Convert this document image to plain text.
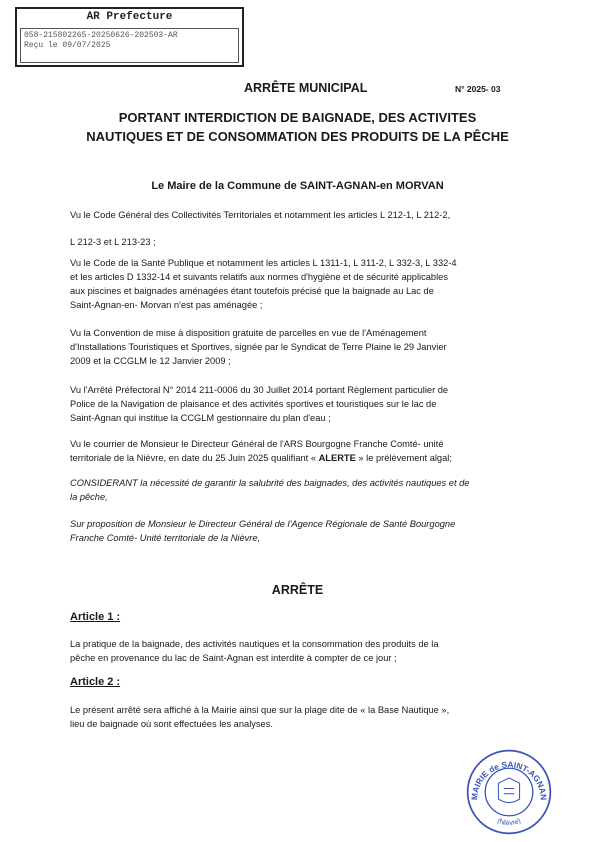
AR Prefecture
058-215802265-20250626-202503-AR
Reçu le 09/07/2025
ARRÊTE MUNICIPAL	N° 2025- 03
PORTANT INTERDICTION DE BAIGNADE, DES ACTIVITES
NAUTIQUES ET DE CONSOMMATION DES PRODUITS DE LA PÊCHE
Le Maire de la Commune de SAINT-AGNAN-en MORVAN
Vu le Code Général des Collectivités Territoriales et notamment les articles L 212-1, L 212-2,
L 212-3 et L 213-23 ;
Vu le Code de la Santé Publique et notamment les articles L 1311-1, L 311-2, L 332-3, L 332-4
et les articles D 1332-14 et suivants relatifs aux normes d'hygiène et de sécurité applicables
aux piscines et baignades aménagées étant toutefois précisé que la baignade au Lac de
Saint-Agnan-en- Morvan n'est pas aménagée ;
Vu la Convention de mise à disposition gratuite de parcelles en vue de l'Aménagement
d'Installations Touristiques et Sportives, signée par le Syndicat de Terre Plaine le 29 Janvier
2009 et la CCGLM le 12 Janvier 2009 ;
Vu l'Arrêté Préfectoral N° 2014 211-0006 du 30 Juillet 2014 portant Règlement particulier de
Police de la Navigation de plaisance et des activités sportives et touristiques sur le lac de
Saint-Agnan qui institue la CCGLM gestionnaire du plan d'eau ;
Vu le courrier de Monsieur le Directeur Général de l'ARS Bourgogne Franche Comté- unité
territoriale de la Nièvre, en date du 25 Juin 2025 qualifiant « ALERTE » le prélèvement algal;
CONSIDERANT la nécessité de garantir la salubrité des baignades, des activités nautiques et de
la pêche,
Sur proposition de Monsieur le Directeur Général de l'Agence Régionale de Santé Bourgogne
Franche Comté- Unité territoriale de la Nièvre,
ARRÊTE
Article 1 :
La pratique de la baignade, des activités nautiques et la consommation des produits de la
pêche en provenance du lac de Saint-Agnan est interdite à compter de ce jour ;
Article 2 :
Le présent arrêté sera affiché à la Mairie ainsi que sur la plage dite de « la Base Nautique »,
lieu de baignade où sont effectuées les analyses.
MAIRIE de SAINT-AGNAN
(Nièvre)
